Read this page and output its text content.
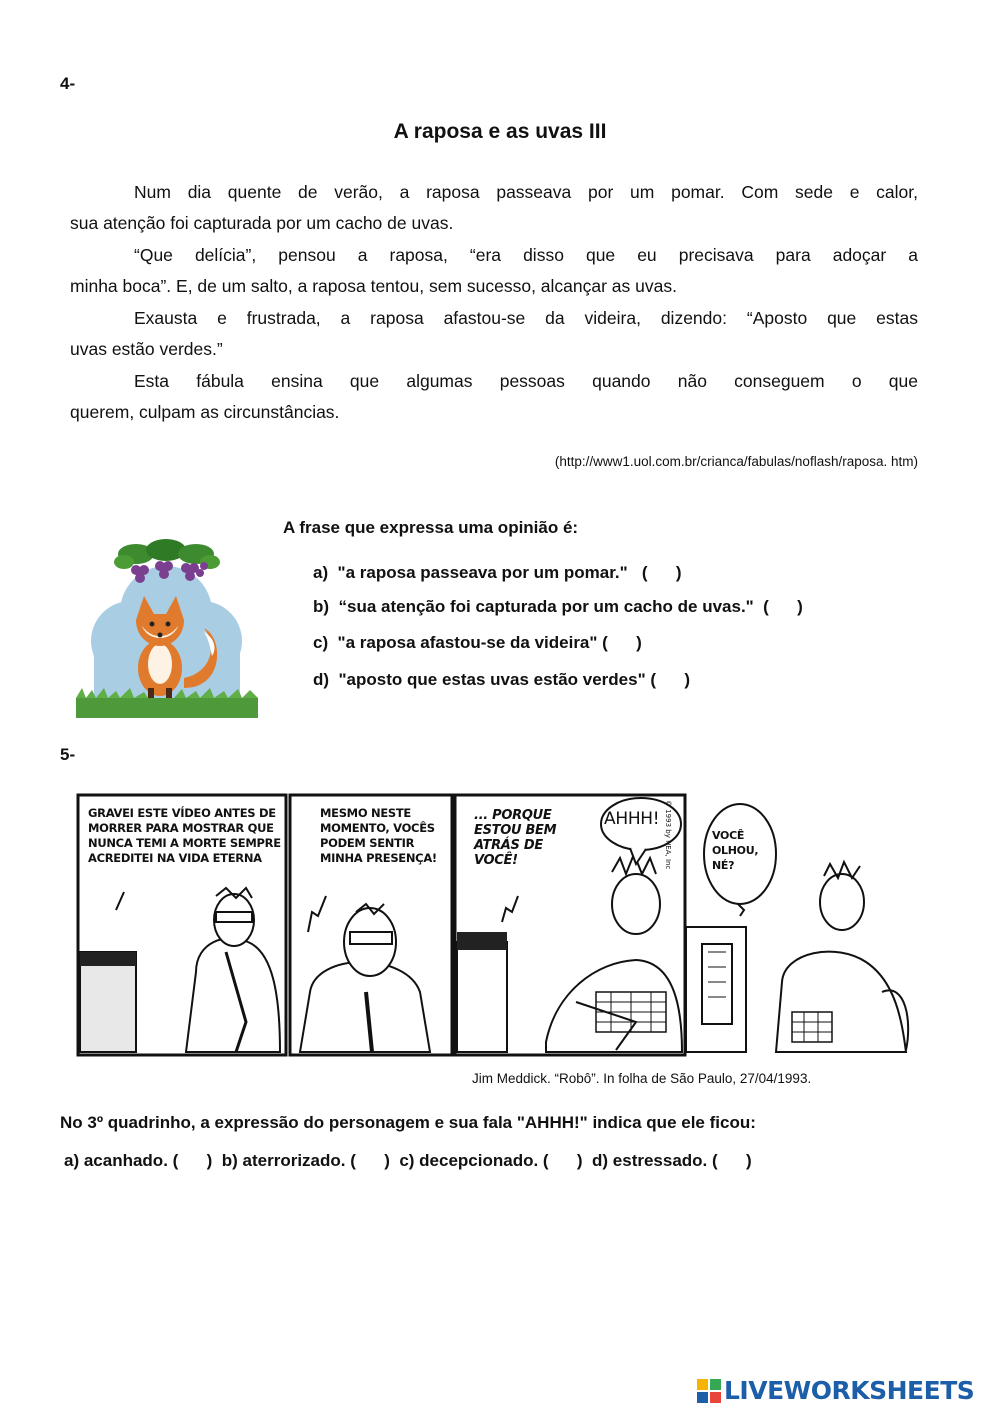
4-
A raposa e as uvas III
Num dia quente de verão, a raposa passeava por um pomar. Com sede e calor,
sua atenção foi capturada por um cacho de uvas.
“Que delícia”, pensou a raposa, “era disso que eu precisava para adoçar a
minha boca”. E, de um salto, a raposa tentou, sem sucesso, alcançar as uvas.
Exausta e frustrada, a raposa afastou-se da videira, dizendo: “Aposto que estas
uvas estão verdes.”
Esta fábula ensina que algumas pessoas quando não conseguem o que
querem, culpam as circunstâncias.
(http://www1.uol.com.br/crianca/fabulas/noflash/raposa. htm)
A frase que expressa uma opinião é:
a)  "a raposa passeava por um pomar."   (      )
b)  “sua atenção foi capturada por um cacho de uvas."  (      )
c)  "a raposa afastou-se da videira" (      )
d)  "aposto que estas uvas estão verdes" (      )
5-
GRAVEI ESTE VÍDEO ANTES DE MORRER PARA MOSTRAR QUE NUNCA TEMI A MORTE SEMPRE ACREDITEI NA VIDA ETERNA
MESMO NESTE MOMENTO, VOCÊS PODEM SENTIR MINHA PRESENÇA!
... PORQUE ESTOU BEM ATRÁS DE VOCÊ!
AHHH!
VOCÊ OLHOU, NÉ?
© 1993 by NEA, Inc
Jim Meddick. “Robô”. In folha de São Paulo, 27/04/1993.
No 3º quadrinho, a expressão do personagem e sua fala "AHHH!" indica que ele ficou:
a) acanhado. (      )  b) aterrorizado. (      )  c) decepcionado. (      )  d) estressado. (      )
LIVEWORKSHEETS
